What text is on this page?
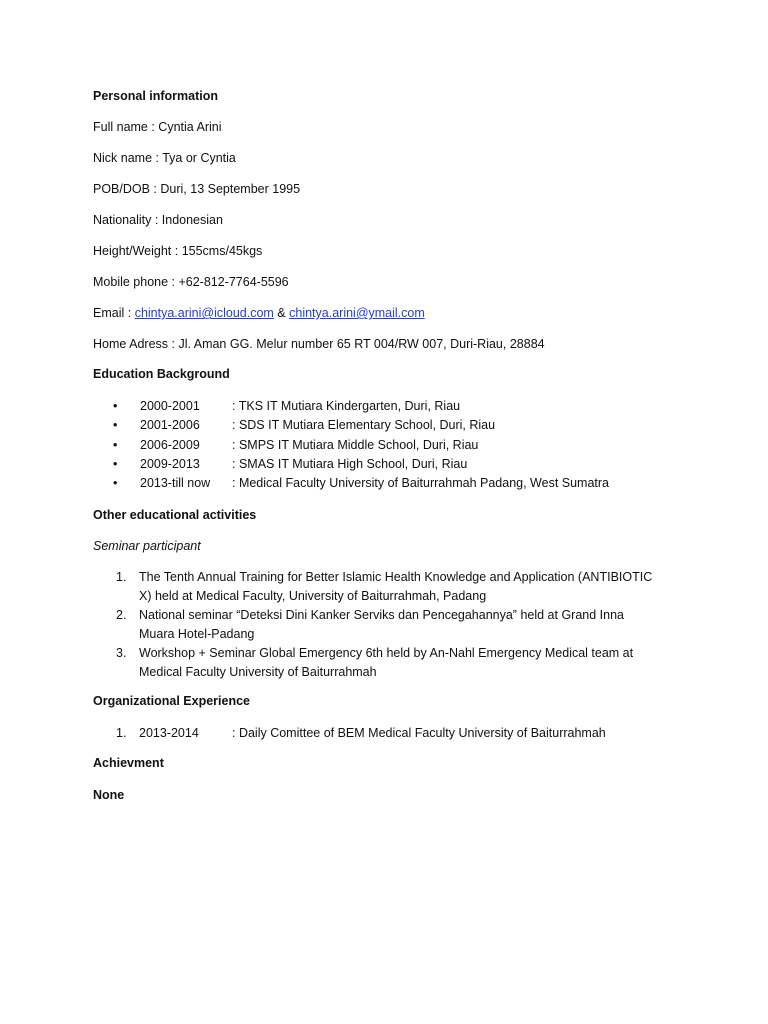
Personal information
Full name : Cyntia Arini
Nick name : Tya or Cyntia
POB/DOB : Duri, 13 September 1995
Nationality : Indonesian
Height/Weight : 155cms/45kgs
Mobile phone : +62-812-7764-5596
Email : chintya.arini@icloud.com & chintya.arini@ymail.com
Home Adress : Jl. Aman GG. Melur number 65 RT 004/RW 007, Duri-Riau, 28884
Education Background
•	2000-2001	: TKS IT Mutiara Kindergarten, Duri, Riau
•	2001-2006	: SDS IT Mutiara Elementary School, Duri, Riau
•	2006-2009	: SMPS IT Mutiara Middle School, Duri, Riau
•	2009-2013	: SMAS IT Mutiara High School, Duri, Riau
•	2013-till now : Medical Faculty University of Baiturrahmah Padang, West Sumatra
Other educational activities
Seminar participant
1. The Tenth Annual Training for Better Islamic Health Knowledge and Application (ANTIBIOTIC
X) held at Medical Faculty, University of Baiturrahmah, Padang
2. National seminar “Deteksi Dini Kanker Serviks dan Pencegahannya” held at Grand Inna
Muara Hotel-Padang
3. Workshop + Seminar Global Emergency 6th held by An-Nahl Emergency Medical team at
Medical Faculty University of Baiturrahmah
Organizational Experience
1. 2013-2014	: Daily Comittee of BEM Medical Faculty University of Baiturrahmah
Achievment
None
